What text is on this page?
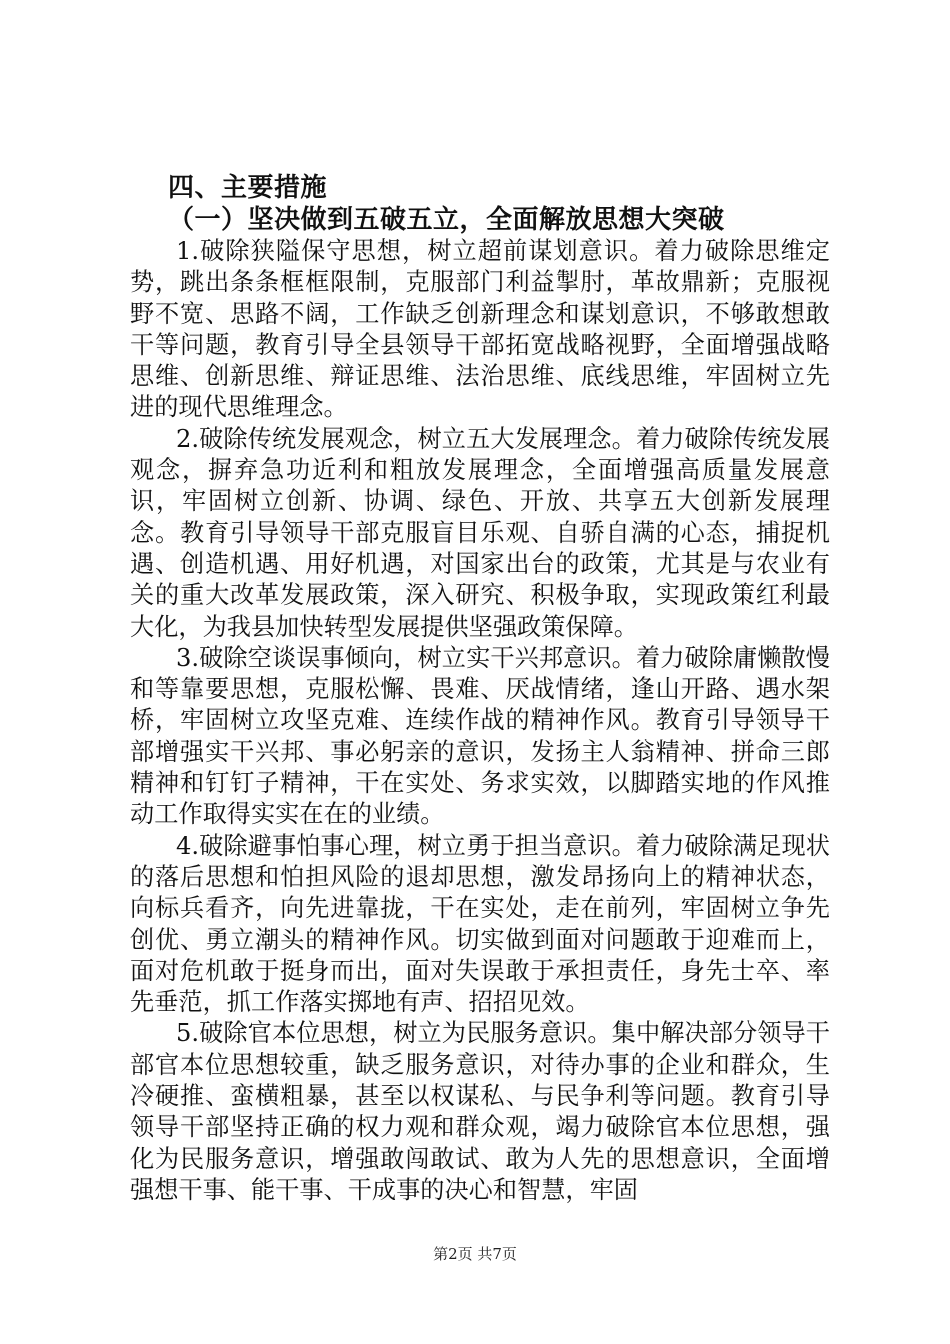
四、主要措施
（一）坚决做到五破五立，全面解放思想大突破

1.破除狭隘保守思想，树立超前谋划意识。着力破除思维定势，跳出条条框框限制，克服部门利益掣肘，革故鼎新；克服视野不宽、思路不阔，工作缺乏创新理念和谋划意识，不够敢想敢干等问题，教育引导全县领导干部拓宽战略视野，全面增强战略思维、创新思维、辩证思维、法治思维、底线思维，牢固树立先进的现代思维理念。

2.破除传统发展观念，树立五大发展理念。着力破除传统发展观念，摒弃急功近利和粗放发展理念，全面增强高质量发展意识，牢固树立创新、协调、绿色、开放、共享五大创新发展理念。教育引导领导干部克服盲目乐观、自骄自满的心态，捕捉机遇、创造机遇、用好机遇，对国家出台的政策，尤其是与农业有关的重大改革发展政策，深入研究、积极争取，实现政策红利最大化，为我县加快转型发展提供坚强政策保障。

3.破除空谈误事倾向，树立实干兴邦意识。着力破除庸懒散慢和等靠要思想，克服松懈、畏难、厌战情绪，逢山开路、遇水架桥，牢固树立攻坚克难、连续作战的精神作风。教育引导领导干部增强实干兴邦、事必躬亲的意识，发扬主人翁精神、拼命三郎精神和钉钉子精神，干在实处、务求实效，以脚踏实地的作风推动工作取得实实在在的业绩。

4.破除避事怕事心理，树立勇于担当意识。着力破除满足现状的落后思想和怕担风险的退却思想，激发昂扬向上的精神状态，向标兵看齐，向先进靠拢，干在实处，走在前列，牢固树立争先创优、勇立潮头的精神作风。切实做到面对问题敢于迎难而上，面对危机敢于挺身而出，面对失误敢于承担责任，身先士卒、率先垂范，抓工作落实掷地有声、招招见效。

5.破除官本位思想，树立为民服务意识。集中解决部分领导干部官本位思想较重，缺乏服务意识，对待办事的企业和群众，生冷硬推、蛮横粗暴，甚至以权谋私、与民争利等问题。教育引导领导干部坚持正确的权力观和群众观，竭力破除官本位思想，强化为民服务意识，增强敢闯敢试、敢为人先的思想意识，全面增强想干事、能干事、干成事的决心和智慧，牢固

第2页 共7页
